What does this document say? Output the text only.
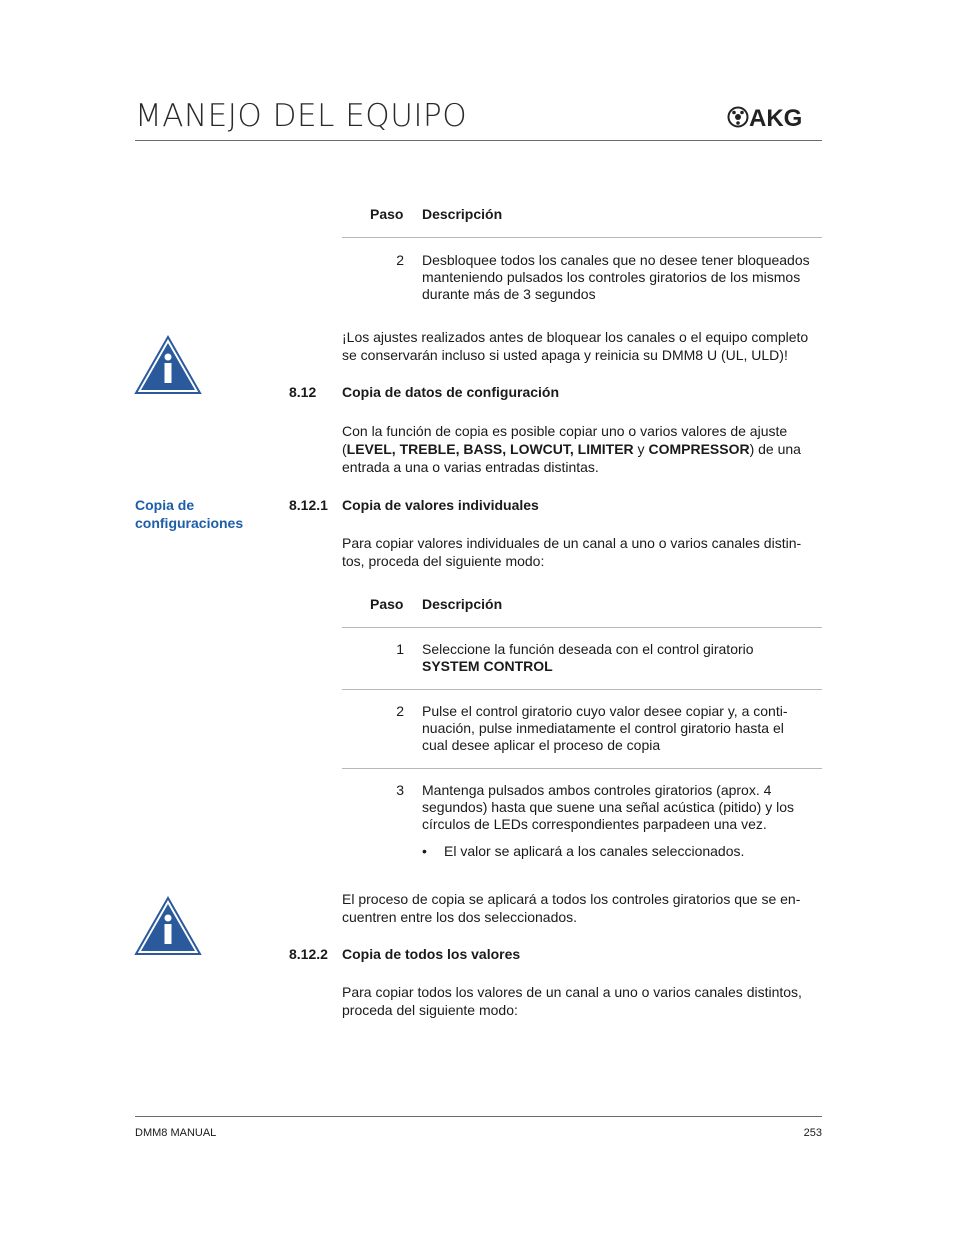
MANEJO DEL EQUIPO	AKG
Paso Descripción
2 Desbloquee todos los canales que no desee tener bloqueados
manteniendo pulsados los controles giratorios de los mismos
durante más de 3 segundos
¡Los ajustes realizados antes de bloquear los canales o el equipo completo
se conservarán incluso si usted apaga y reinicia su DMM8 U (UL, ULD)!
8.12 Copia de datos de configuración
Con la función de copia es posible copiar uno o varios valores de ajuste
(LEVEL, TREBLE, BASS, LOWCUT, LIMITER y COMPRESSOR) de una
entrada a una o varias entradas distintas.
Copia de
configuraciones
8.12.1 Copia de valores individuales
Para copiar valores individuales de un canal a uno o varios canales distin-
tos, proceda del siguiente modo:
Paso Descripción
1 Seleccione la función deseada con el control giratorio
SYSTEM CONTROL
2 Pulse el control giratorio cuyo valor desee copiar y, a conti-
nuación, pulse inmediatamente el control giratorio hasta el
cual desee aplicar el proceso de copia
3 Mantenga pulsados ambos controles giratorios (aprox. 4
segundos) hasta que suene una señal acústica (pitido) y los
círculos de LEDs correspondientes parpadeen una vez.
• El valor se aplicará a los canales seleccionados.
El proceso de copia se aplicará a todos los controles giratorios que se en-
cuentren entre los dos seleccionados.
8.12.2 Copia de todos los valores
Para copiar todos los valores de un canal a uno o varios canales distintos,
proceda del siguiente modo:
DMM8 MANUAL	253
